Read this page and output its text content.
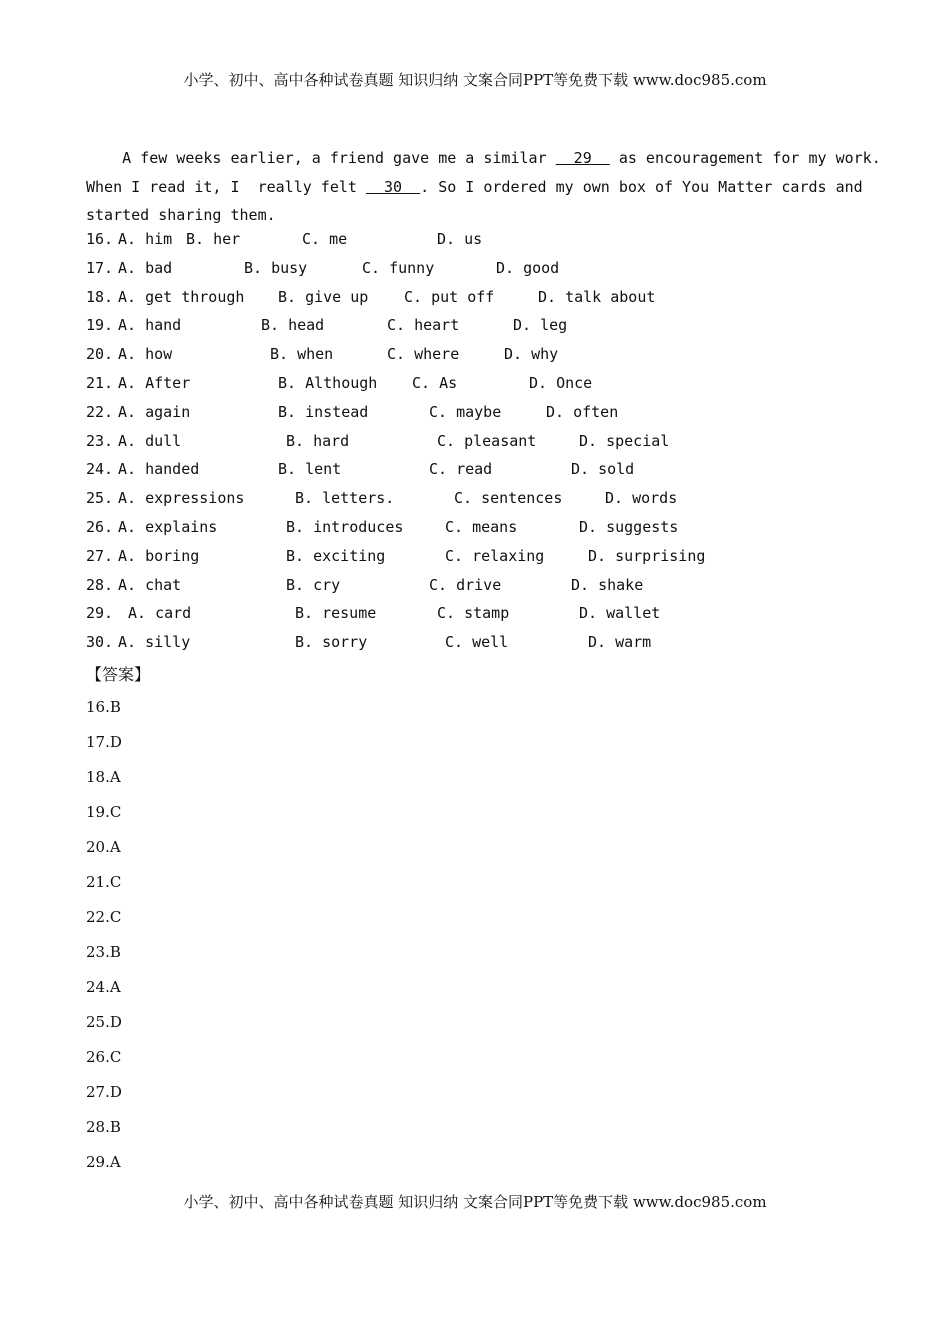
小学、初中、高中各种试卷真题 知识归纳 文案合同PPT等免费下载 www.doc985.com
A few weeks earlier, a friend gave me a similar   29   as encouragement for my work.
When I read it, I  really felt   30  . So I ordered my own box of You Matter cards and
started sharing them.
16. A. him B. her	C. me	D. us
17. A. bad	B. busy	C. funny	D. good
18. A. get through B. give up C. put off	D. talk about
19. A. hand	B. head	C. heart	D. leg
20. A. how	B. when	C. where	D. why
21. A. After	B. Although C. As	D. Once
22. A. again	B. instead	C. maybe	D. often
23. A. dull	B. hard	C. pleasant	D. special
24. A. handed	B. lent	C. read	D. sold
25. A. expressions	B. letters.	C. sentences	D. words
26. A. explains	B. introduces	C. means	D. suggests
27. A. boring	B. exciting	C. relaxing	D. surprising
28. A. chat	B. cry	C. drive	D. shake
29. A. card	B. resume	C. stamp	D. wallet
30. A. silly	B. sorry	C. well	D. warm
【答案】
16.B
17.D
18.A
19.C
20.A
21.C
22.C
23.B
24.A
25.D
26.C
27.D
28.B
29.A
小学、初中、高中各种试卷真题 知识归纳 文案合同PPT等免费下载 www.doc985.com
